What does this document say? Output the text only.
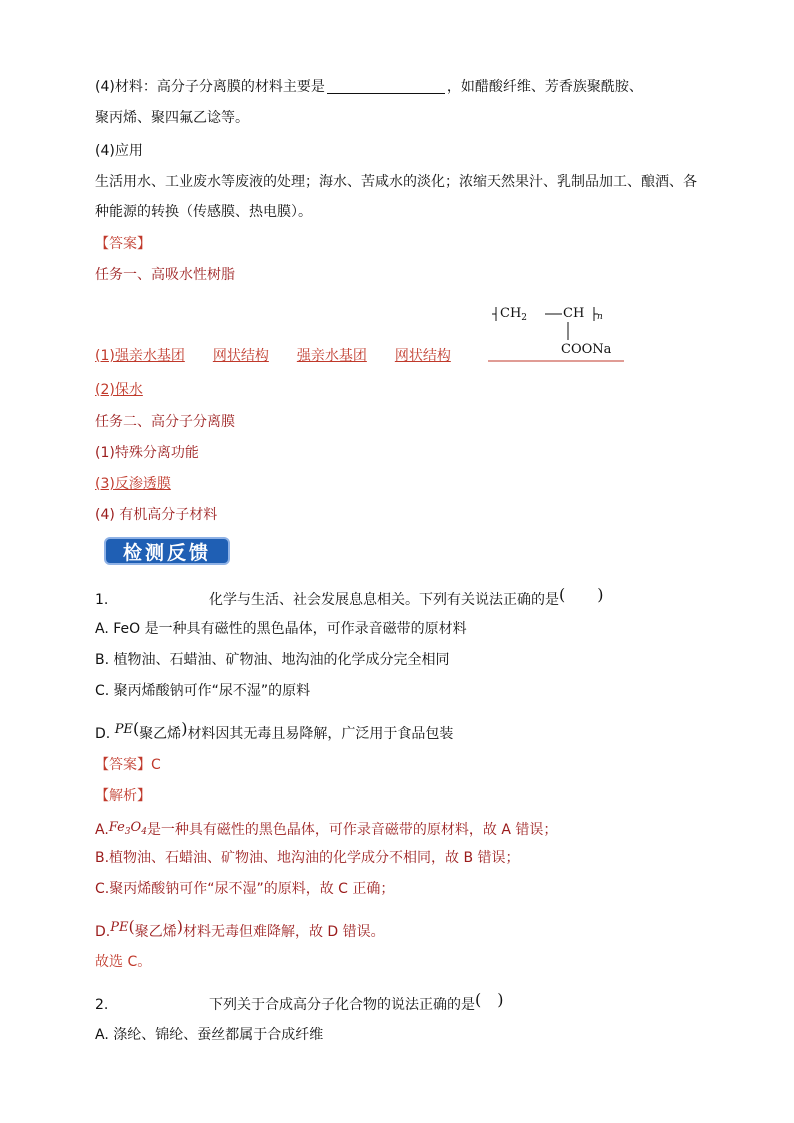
(4)材料：高分子分离膜的材料主要是	，如醋酸纤维、芳香族聚酰胺、
聚丙烯、聚四氟乙谂等。
(4)应用
生活用水、工业废水等废液的处理；海水、苦咸水的淡化；浓缩天然果汁、乳制品加工、酿酒、各
种能源的转换（传感膜、热电膜）。
【答案】
任务一、高吸水性树脂
$CH_2$	CH n
COONa
(1)强亲水基团 网状结构 强亲水基团 网状结构
(2)保水
任务二、高分子分离膜
(1)特殊分离功能
(3)反渗透膜
(4) 有机高分子材料
检测反馈
1.	化学与生活、社会发展息息相关。下列有关说法正确的是(　　)
A. FeO 是一种具有磁性的黑色晶体，可作录音磁带的原材料
B. 植物油、石蜡油、矿物油、地沟油的化学成分完全相同
C. 聚丙烯酸钠可作“尿不湿”的原料
D. PE(聚乙烯)材料因其无毒且易降解，广泛用于食品包装
【答案】C
【解析】
$A.Fe_3O_4$是一种具有磁性的黑色晶体，可作录音磁带的原材料，故 A 错误；
B.植物油、石蜡油、矿物油、地沟油的化学成分不相同，故 B 错误；
C.聚丙烯酸钠可作“尿不湿”的原料，故 C 正确；
D.PE(聚乙烯)材料无毒但难降解，故 D 错误。
故选 C。
2.	下列关于合成高分子化合物的说法正确的是(　)
A. 涤纶、锦纶、蚕丝都属于合成纤维
